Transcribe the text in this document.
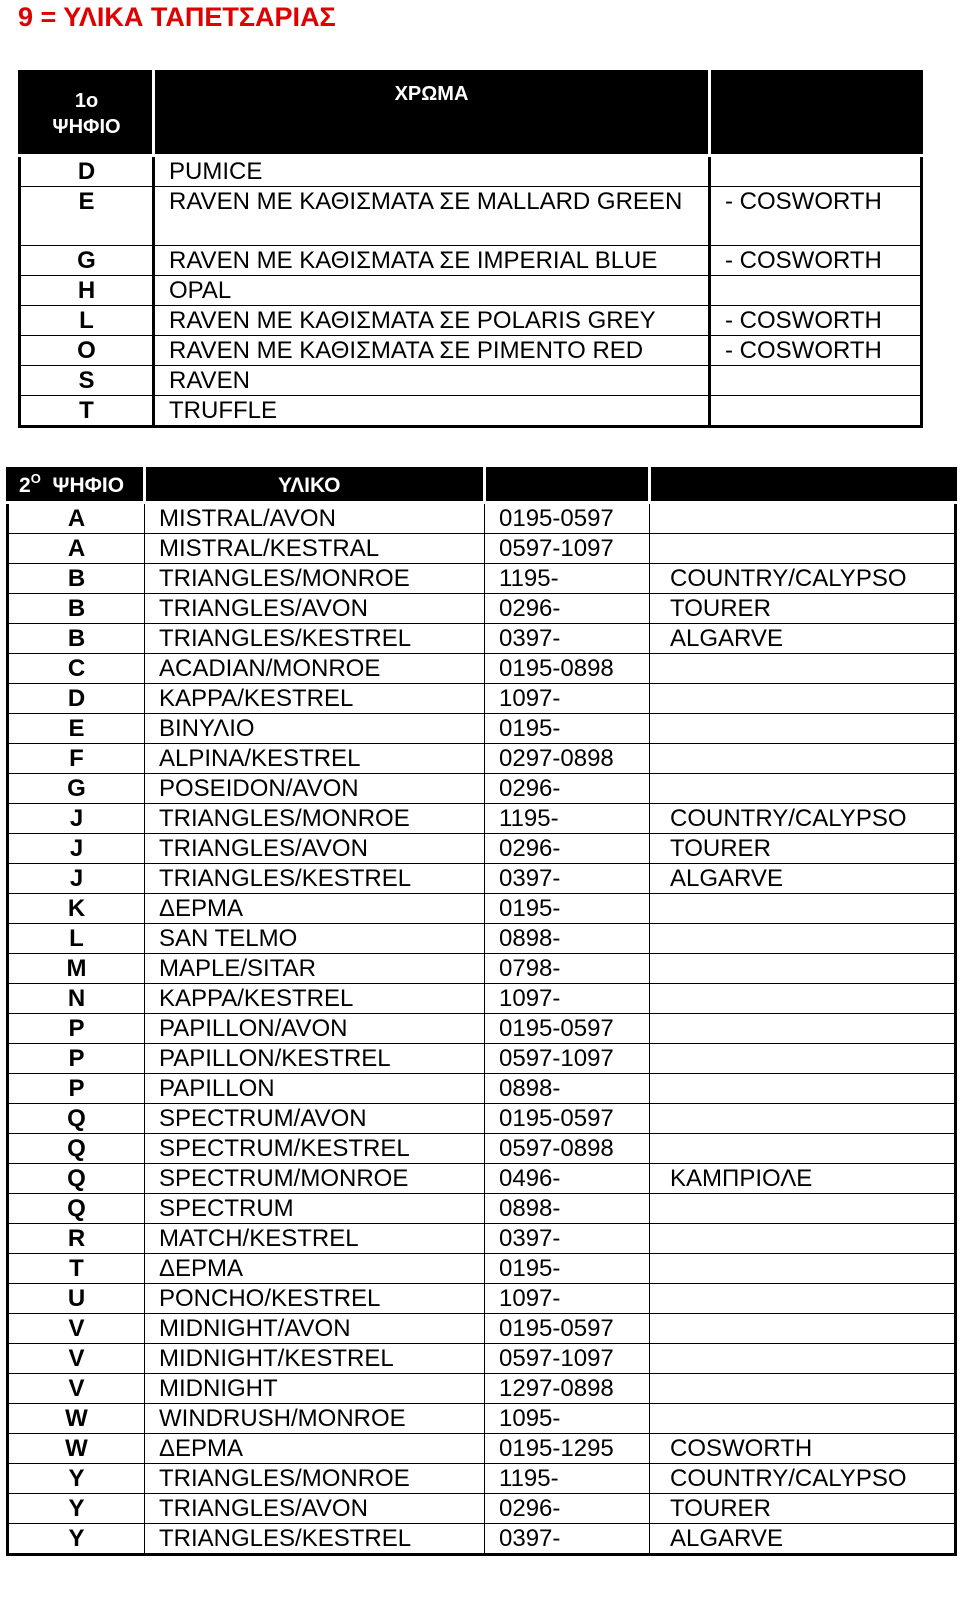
9 = ΥΛΙΚΑ ΤΑΠΕΤΣΑΡΙΑΣ
1ο
ΨΗΦΙΟ	ΧΡΩΜΑ	
D	PUMICE	
E	RAVEN ΜΕ ΚΑΘΙΣΜΑΤΑ ΣΕ MALLARD GREEN	- COSWORTH
G	RAVEN ΜΕ ΚΑΘΙΣΜΑΤΑ ΣΕ IMPERIAL BLUE	- COSWORTH
H	OPAL	
L	RAVEN ΜΕ ΚΑΘΙΣΜΑΤΑ ΣΕ POLARIS GREY	- COSWORTH
O	RAVEN ΜΕ ΚΑΘΙΣΜΑΤΑ ΣΕ PIMENTO RED	- COSWORTH
S	RAVEN	
T	TRUFFLE	
$2^O$ ΨΗΦΙΟ	ΥΛΙΚΟ		
A	MISTRAL/AVON	0195-0597	
A	MISTRAL/KESTRAL	0597-1097	
B	TRIANGLES/MONROE	1195-	COUNTRY/CALYPSO
B	TRIANGLES/AVON	0296-	TOURER
B	TRIANGLES/KESTREL	0397-	ALGARVE
C	ACADIAN/MONROE	0195-0898	
D	KAPPA/KESTREL	1097-	
E	ΒΙΝΥΛΙΟ	0195-	
F	ALPINA/KESTREL	0297-0898	
G	POSEIDON/AVON	0296-	
J	TRIANGLES/MONROE	1195-	COUNTRY/CALYPSO
J	TRIANGLES/AVON	0296-	TOURER
J	TRIANGLES/KESTREL	0397-	ALGARVE
K	ΔΕΡΜΑ	0195-	
L	SAN TELMO	0898-	
M	MAPLE/SITAR	0798-	
N	KAPPA/KESTREL	1097-	
P	PAPILLON/AVON	0195-0597	
P	PAPILLON/KESTREL	0597-1097	
P	PAPILLON	0898-	
Q	SPECTRUM/AVON	0195-0597	
Q	SPECTRUM/KESTREL	0597-0898	
Q	SPECTRUM/MONROE	0496-	ΚΑΜΠΡΙΟΛΕ
Q	SPECTRUM	0898-	
R	MATCH/KESTREL	0397-	
T	ΔΕΡΜΑ	0195-	
U	PONCHO/KESTREL	1097-	
V	MIDNIGHT/AVON	0195-0597	
V	MIDNIGHT/KESTREL	0597-1097	
V	MIDNIGHT	1297-0898	
W	WINDRUSH/MONROE	1095-	
W	ΔΕΡΜΑ	0195-1295	COSWORTH
Y	TRIANGLES/MONROE	1195-	COUNTRY/CALYPSO
Y	TRIANGLES/AVON	0296-	TOURER
Y	TRIANGLES/KESTREL	0397-	ALGARVE
